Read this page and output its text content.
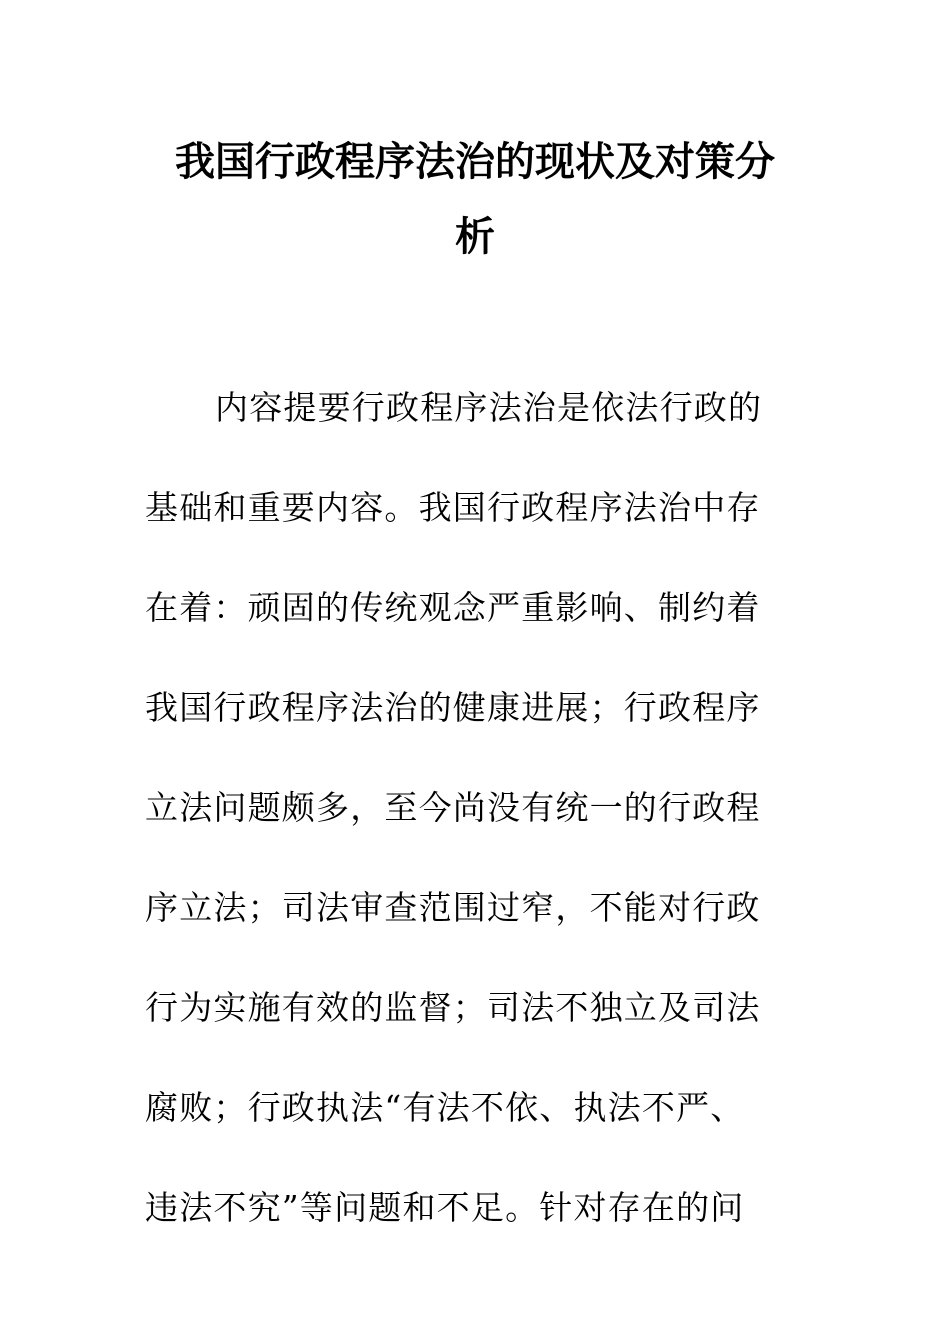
我国行政程序法治的现状及对策分
析

内容提要行政程序法治是依法行政的

基础和重要内容。我国行政程序法治中存

在着：顽固的传统观念严重影响、制约着

我国行政程序法治的健康进展；行政程序

立法问题颇多，至今尚没有统一的行政程

序立法；司法审查范围过窄，不能对行政

行为实施有效的监督；司法不独立及司法

腐败；行政执法“有法不依、执法不严、

违法不究”等问题和不足。针对存在的问
